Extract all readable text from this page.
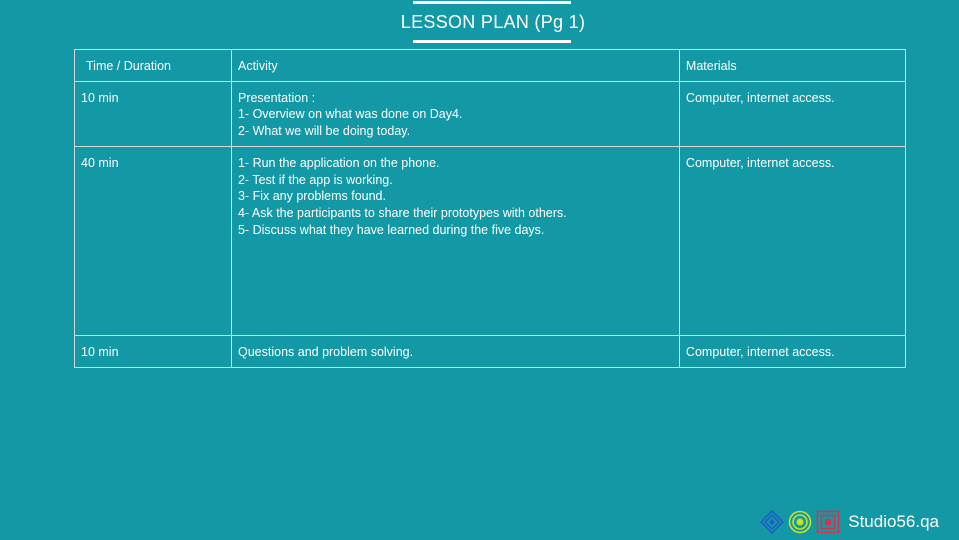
LESSON PLAN (Pg 1)
Time / Duration	Activity	Materials
10 min	Presentation :
1- Overview on what was done on Day4.
2- What we will be doing today.	Computer, internet access.
40 min	1- Run the application on the phone.
2- Test if the app is working.
3- Fix any problems found.
4- Ask the participants to share their prototypes with others.
5- Discuss what they have learned during the five days.	Computer, internet access.
10 min	Questions and problem solving.	Computer, internet access.
Studio56.qa
